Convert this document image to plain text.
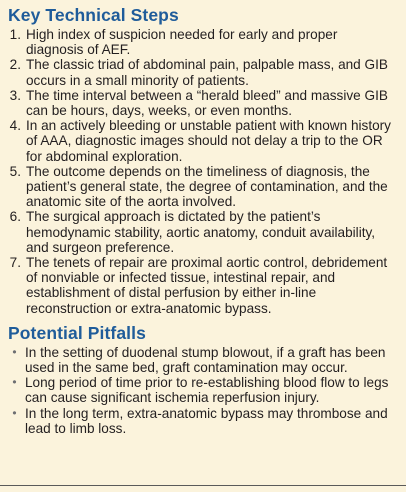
Key Technical Steps
1. High index of suspicion needed for early and proper diagnosis of AEF.
2. The classic triad of abdominal pain, palpable mass, and GIB occurs in a small minority of patients.
3. The time interval between a “herald bleed” and massive GIB can be hours, days, weeks, or even months.
4. In an actively bleeding or unstable patient with known history of AAA, diagnostic images should not delay a trip to the OR for abdominal exploration.
5. The outcome depends on the timeliness of diagnosis, the patient’s general state, the degree of contamination, and the anatomic site of the aorta involved.
6. The surgical approach is dictated by the patient’s hemodynamic stability, aortic anatomy, conduit availability, and surgeon preference.
7. The tenets of repair are proximal aortic control, debridement of nonviable or infected tissue, intestinal repair, and establishment of distal perfusion by either in-line reconstruction or extra-anatomic bypass.
Potential Pitfalls
• In the setting of duodenal stump blowout, if a graft has been used in the same bed, graft contamination may occur.
• Long period of time prior to re-establishing blood flow to legs can cause significant ischemia reperfusion injury.
• In the long term, extra-anatomic bypass may thrombose and lead to limb loss.
